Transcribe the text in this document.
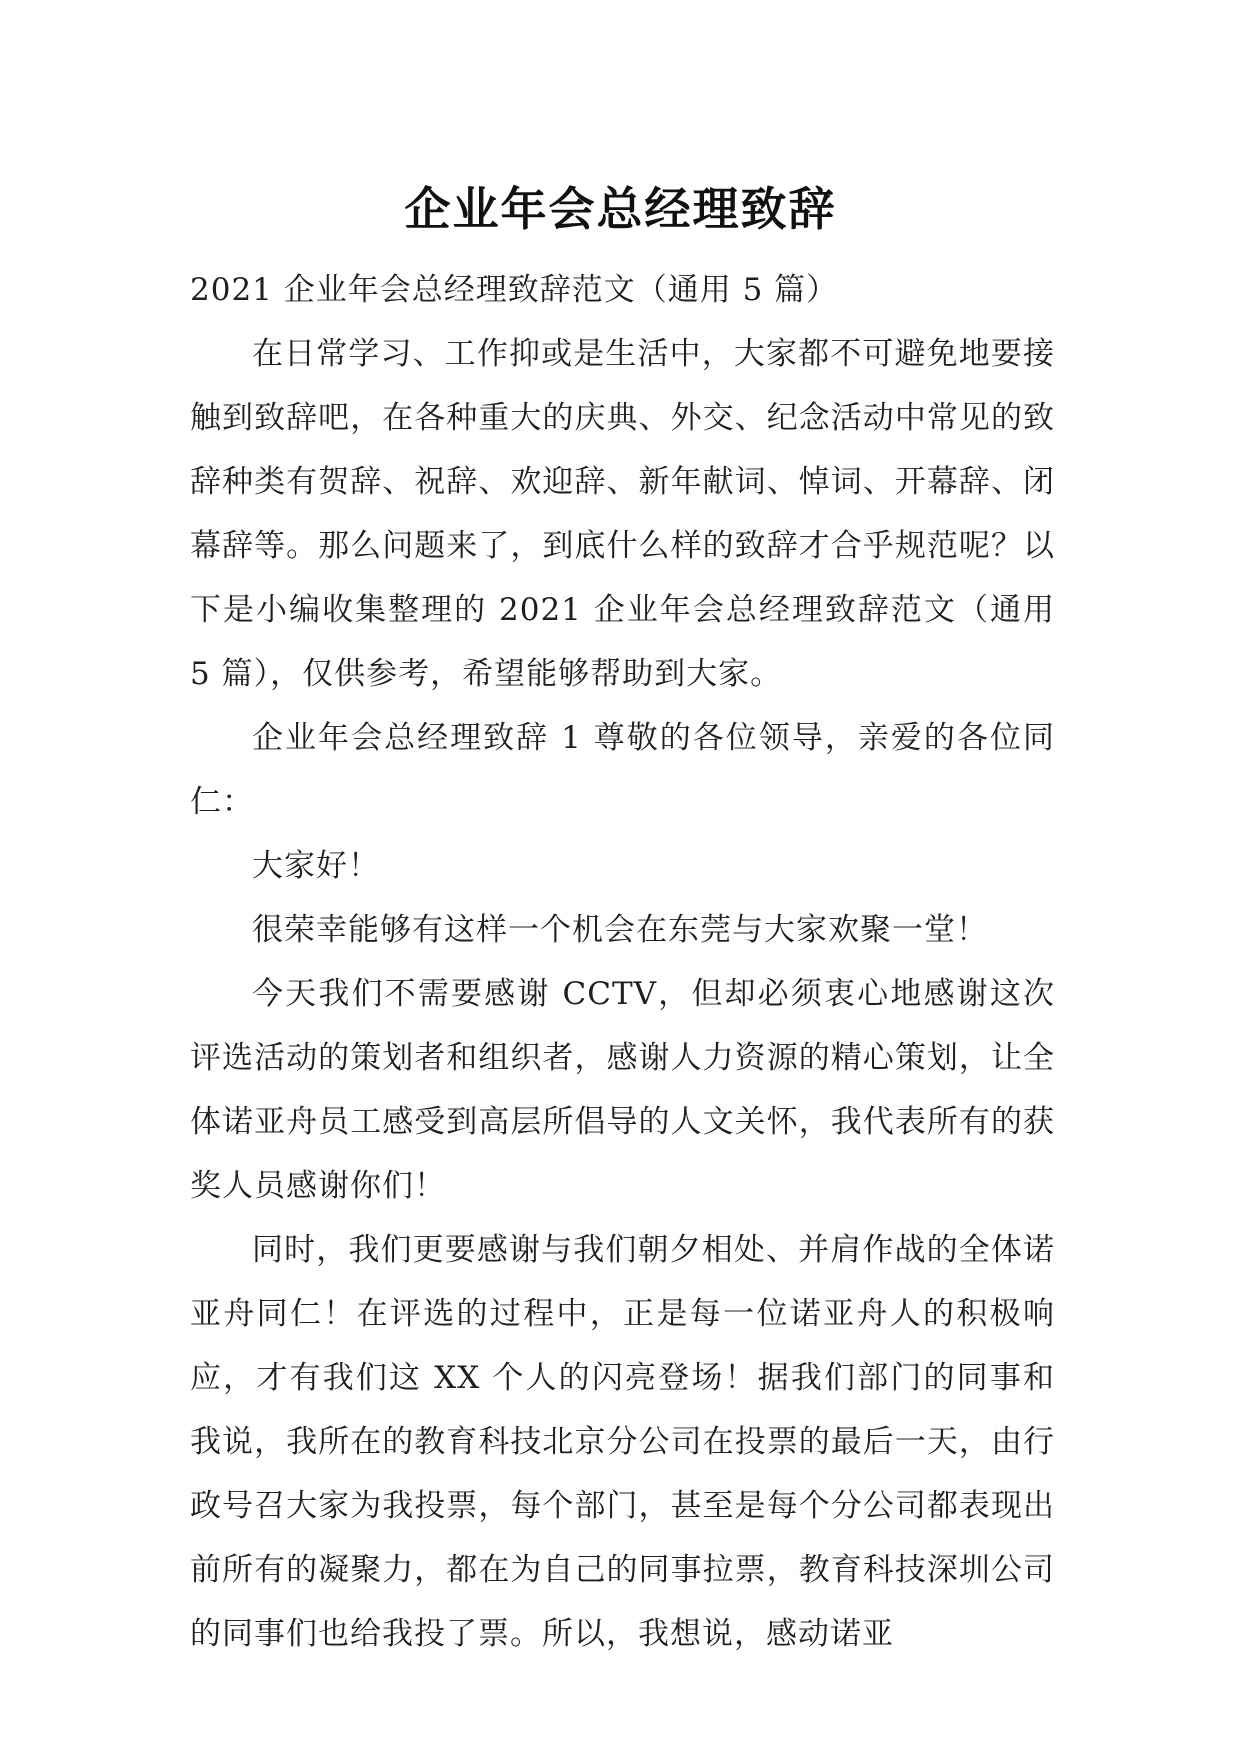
企业年会总经理致辞

2021 企业年会总经理致辞范文（通用 5 篇）

在日常学习、工作抑或是生活中，大家都不可避免地要接触到致辞吧，在各种重大的庆典、外交、纪念活动中常见的致辞种类有贺辞、祝辞、欢迎辞、新年献词、悼词、开幕辞、闭幕辞等。那么问题来了，到底什么样的致辞才合乎规范呢？以下是小编收集整理的 2021 企业年会总经理致辞范文（通用 5 篇），仅供参考，希望能够帮助到大家。

企业年会总经理致辞 1 尊敬的各位领导，亲爱的各位同仁：

大家好！

很荣幸能够有这样一个机会在东莞与大家欢聚一堂！

今天我们不需要感谢 CCTV，但却必须衷心地感谢这次评选活动的策划者和组织者，感谢人力资源的精心策划，让全体诺亚舟员工感受到高层所倡导的人文关怀，我代表所有的获奖人员感谢你们！

同时，我们更要感谢与我们朝夕相处、并肩作战的全体诺亚舟同仁！在评选的过程中，正是每一位诺亚舟人的积极响应，才有我们这 XX 个人的闪亮登场！据我们部门的同事和我说，我所在的教育科技北京分公司在投票的最后一天，由行政号召大家为我投票，每个部门，甚至是每个分公司都表现出前所有的凝聚力，都在为自己的同事拉票，教育科技深圳公司的同事们也给我投了票。所以，我想说，感动诺亚
